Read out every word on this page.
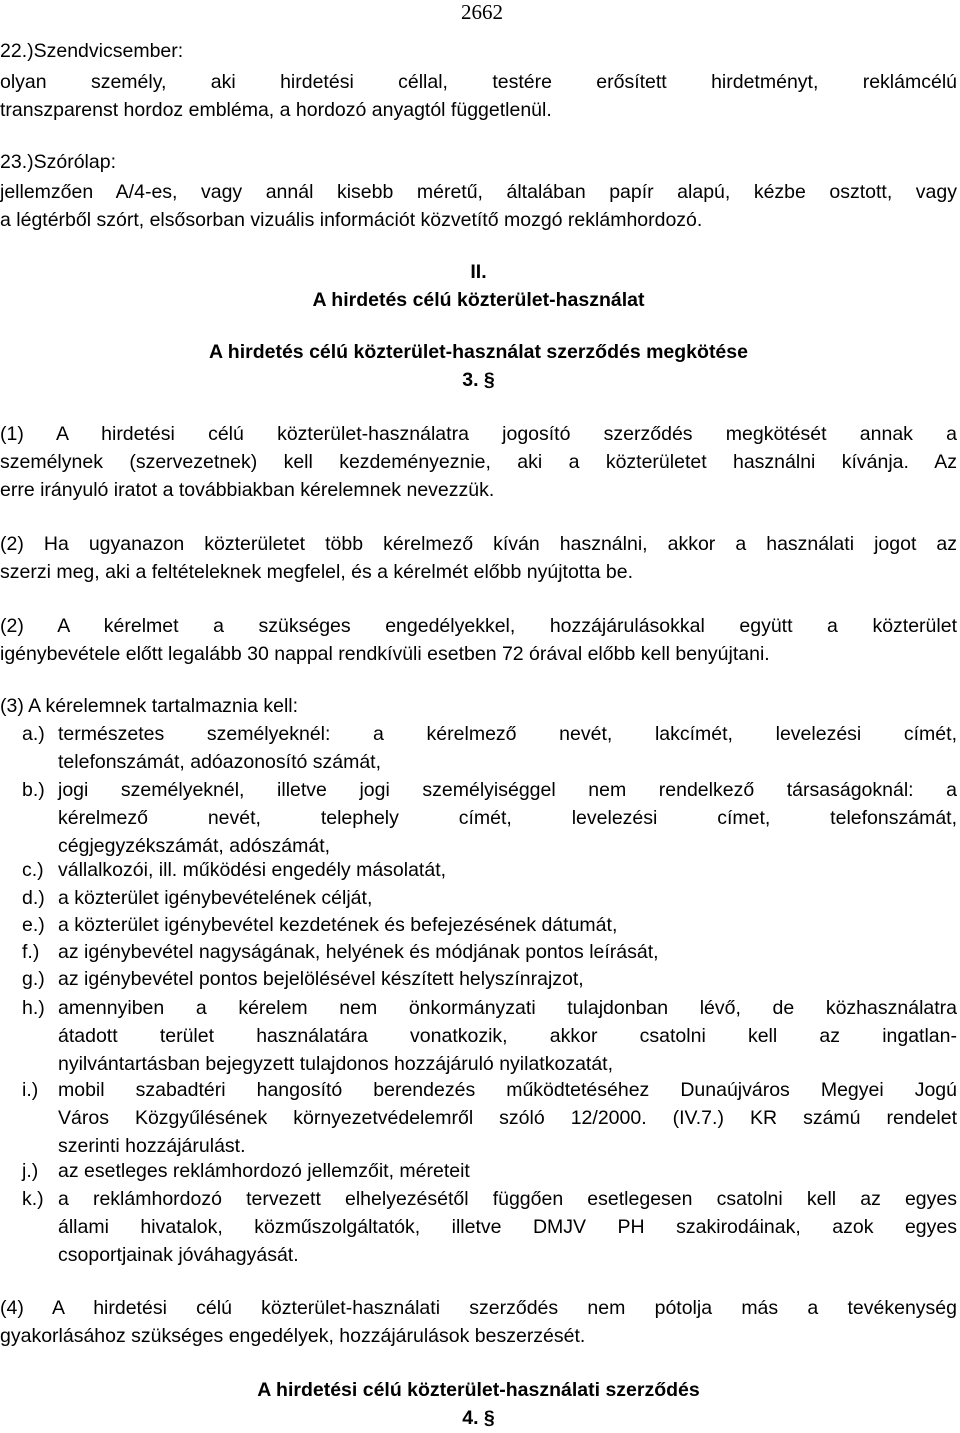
2662
22.)Szendvicsember:
olyan személy, aki hirdetési céllal, testére erősített hirdetményt, reklámcélú
transzparenst hordoz embléma, a hordozó anyagtól függetlenül.
23.)Szórólap:
jellemzően A/4-es, vagy annál kisebb méretű, általában papír alapú, kézbe osztott, vagy
a légtérből szórt, elsősorban vizuális információt közvetítő mozgó reklámhordozó.
II.
A hirdetés célú közterület-használat
A hirdetés célú közterület-használat szerződés megkötése
3. §
(1) A hirdetési célú közterület-használatra jogosító szerződés megkötését annak a
személynek (szervezetnek) kell kezdeményeznie, aki a közterületet használni kívánja. Az
erre irányuló iratot a továbbiakban kérelemnek nevezzük.
(2) Ha ugyanazon közterületet több kérelmező kíván használni, akkor a használati jogot az
szerzi meg, aki a feltételeknek megfelel, és a kérelmét előbb nyújtotta be.
(2) A kérelmet a szükséges engedélyekkel, hozzájárulásokkal együtt a közterület
igénybevétele előtt legalább 30 nappal rendkívüli esetben 72 órával előbb kell benyújtani.
(3) A kérelemnek tartalmaznia kell:
a.) természetes személyeknél: a kérelmező nevét, lakcímét, levelezési címét,
telefonszámát, adóazonosító számát,
b.) jogi személyeknél, illetve jogi személyiséggel nem rendelkező társaságoknál: a
kérelmező nevét, telephely címét, levelezési címet, telefonszámát,
cégjegyzékszámát, adószámát,
c.) vállalkozói, ill. működési engedély másolatát,
d.) a közterület igénybevételének célját,
e.) a közterület igénybevétel kezdetének és befejezésének dátumát,
f.) az igénybevétel nagyságának, helyének és módjának pontos leírását,
g.) az igénybevétel pontos bejelölésével készített helyszínrajzot,
h.) amennyiben a kérelem nem önkormányzati tulajdonban lévő, de közhasználatra
átadott terület használatára vonatkozik, akkor csatolni kell az ingatlan-
nyilvántartásban bejegyzett tulajdonos hozzájáruló nyilatkozatát,
i.) mobil szabadtéri hangosító berendezés működtetéséhez Dunaújváros Megyei Jogú
Város Közgyűlésének környezetvédelemről szóló 12/2000. (IV.7.) KR számú rendelet
szerinti hozzájárulást.
j.) az esetleges reklámhordozó jellemzőit, méreteit
k.) a reklámhordozó tervezett elhelyezésétől függően esetlegesen csatolni kell az egyes
állami hivatalok, közműszolgáltatók, illetve DMJV PH szakirodáinak, azok egyes
csoportjainak jóváhagyását.
(4) A hirdetési célú közterület-használati szerződés nem pótolja más a tevékenység
gyakorlásához szükséges engedélyek, hozzájárulások beszerzését.
A hirdetési célú közterület-használati szerződés
4. §
